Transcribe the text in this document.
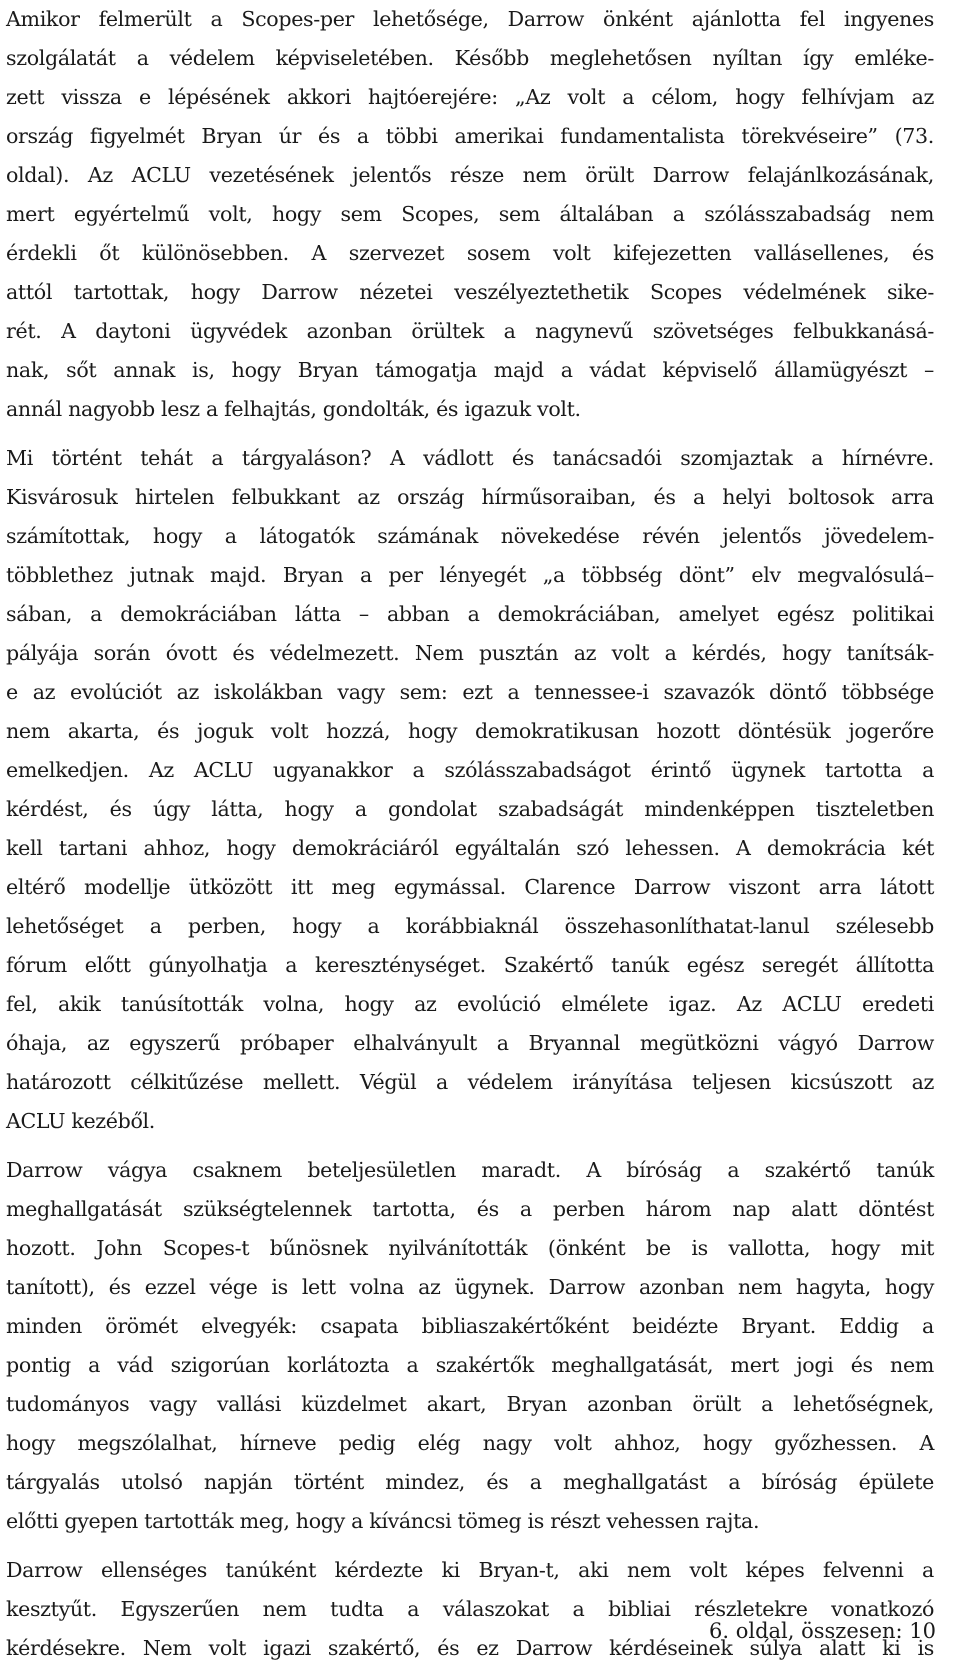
Amikor felmerült a Scopes-per lehetősége, Darrow önként ajánlotta fel ingyenes
szolgálatát a védelem képviseletében. Később meglehetősen nyíltan így emléke-
zett vissza e lépésének akkori hajtóerejére: „Az volt a célom, hogy felhívjam az
ország figyelmét Bryan úr és a többi amerikai fundamentalista törekvéseire” (73.
oldal). Az ACLU vezetésének jelentős része nem örült Darrow felajánlkozásának,
mert egyértelmű volt, hogy sem Scopes, sem általában a szólásszabadság nem
érdekli őt különösebben. A szervezet sosem volt kifejezetten vallásellenes, és
attól tartottak, hogy Darrow nézetei veszélyeztethetik Scopes védelmének sike-
rét. A daytoni ügyvédek azonban örültek a nagynevű szövetséges felbukkanásá-
nak, sőt annak is, hogy Bryan támogatja majd a vádat képviselő államügyészt –
annál nagyobb lesz a felhajtás, gondolták, és igazuk volt.
Mi történt tehát a tárgyaláson? A vádlott és tanácsadói szomjaztak a hírnévre.
Kisvárosuk hirtelen felbukkant az ország hírműsoraiban, és a helyi boltosok arra
számítottak, hogy a látogatók számának növekedése révén jelentős jövedelem-
többlethez jutnak majd. Bryan a per lényegét „a többség dönt” elv megvalósulá–
sában, a demokráciában látta – abban a demokráciában, amelyet egész politikai
pályája során óvott és védelmezett. Nem pusztán az volt a kérdés, hogy tanítsák-
e az evolúciót az iskolákban vagy sem: ezt a tennessee-i szavazók döntő többsége
nem akarta, és joguk volt hozzá, hogy demokratikusan hozott döntésük jogerőre
emelkedjen. Az ACLU ugyanakkor a szólásszabadságot érintő ügynek tartotta a
kérdést, és úgy látta, hogy a gondolat szabadságát mindenképpen tiszteletben
kell tartani ahhoz, hogy demokráciáról egyáltalán szó lehessen. A demokrácia két
eltérő modellje ütközött itt meg egymással. Clarence Darrow viszont arra látott
lehetőséget a perben, hogy a korábbiaknál összehasonlíthatat-lanul szélesebb
fórum előtt gúnyolhatja a kereszténységet. Szakértő tanúk egész seregét állította
fel, akik tanúsították volna, hogy az evolúció elmélete igaz. Az ACLU eredeti
óhaja, az egyszerű próbaper elhalványult a Bryannal megütközni vágyó Darrow
határozott célkitűzése mellett. Végül a védelem irányítása teljesen kicsúszott az
ACLU kezéből.
Darrow vágya csaknem beteljesületlen maradt. A bíróság a szakértő tanúk
meghallgatását szükségtelennek tartotta, és a perben három nap alatt döntést
hozott. John Scopes-t bűnösnek nyilvánították (önként be is vallotta, hogy mit
tanított), és ezzel vége is lett volna az ügynek. Darrow azonban nem hagyta, hogy
minden örömét elvegyék: csapata bibliaszakértőként beidézte Bryant. Eddig a
pontig a vád szigorúan korlátozta a szakértők meghallgatását, mert jogi és nem
tudományos vagy vallási küzdelmet akart, Bryan azonban örült a lehetőségnek,
hogy megszólalhat, hírneve pedig elég nagy volt ahhoz, hogy győzhessen. A
tárgyalás utolsó napján történt mindez, és a meghallgatást a bíróság épülete
előtti gyepen tartották meg, hogy a kíváncsi tömeg is részt vehessen rajta.
Darrow ellenséges tanúként kérdezte ki Bryan-t, aki nem volt képes felvenni a
kesztyűt. Egyszerűen nem tudta a válaszokat a bibliai részletekre vonatkozó
kérdésekre. Nem volt igazi szakértő, és ez Darrow kérdéseinek súlya alatt ki is
6. oldal, összesen: 10
